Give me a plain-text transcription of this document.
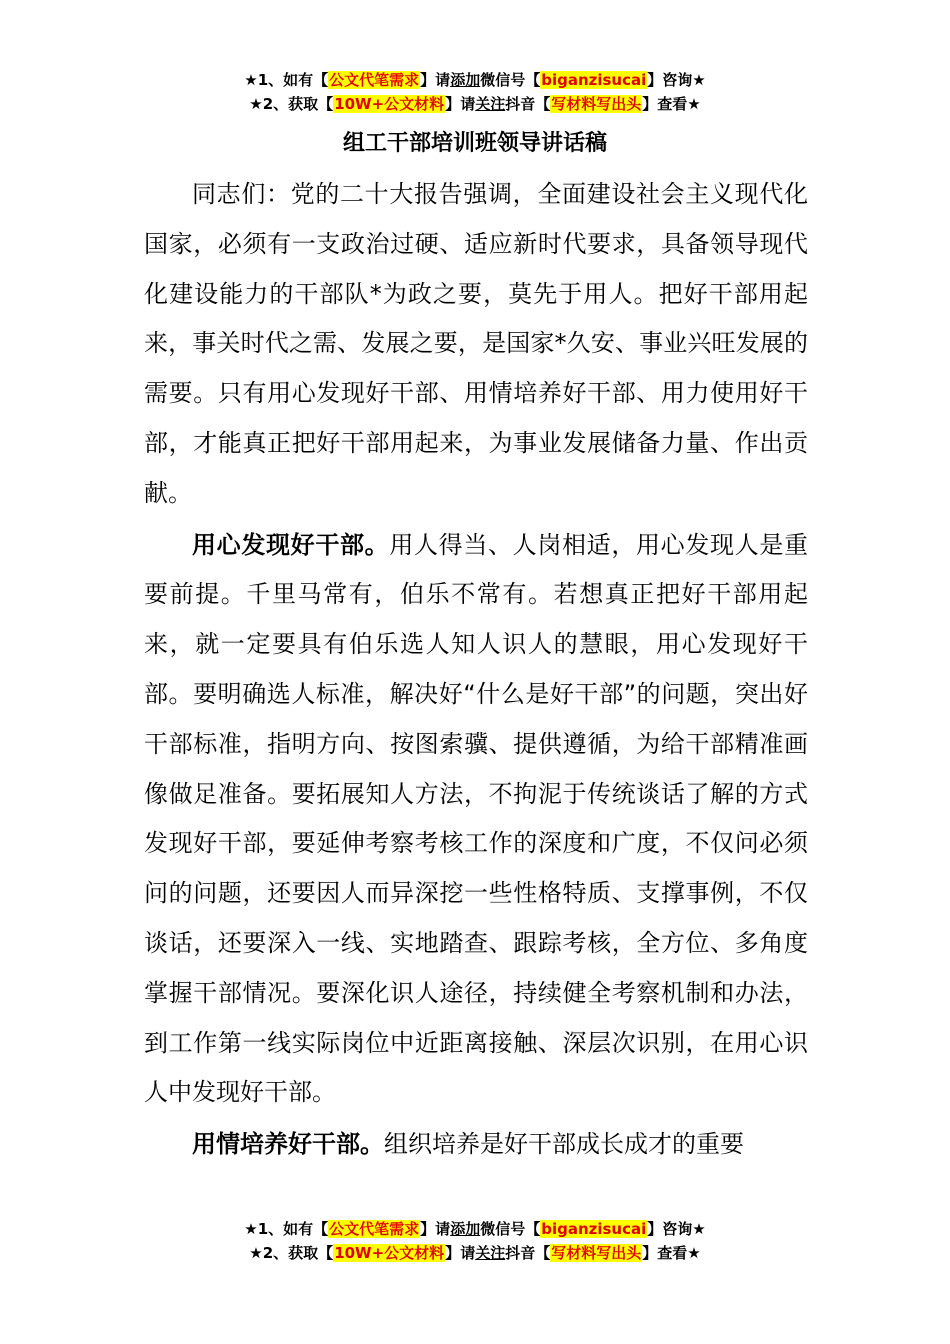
★1、如有【公文代笔需求】请添加微信号【biganzisucai】咨询★
★2、获取【10W+公文材料】请关注抖音【写材料写出头】查看★
组工干部培训班领导讲话稿

同志们：党的二十大报告强调，全面建设社会主义现代化国家，必须有一支政治过硬、适应新时代要求，具备领导现代化建设能力的干部队*为政之要，莫先于用人。把好干部用起来，事关时代之需、发展之要，是国家*久安、事业兴旺发展的需要。只有用心发现好干部、用情培养好干部、用力使用好干部，才能真正把好干部用起来，为事业发展储备力量、作出贡献。

用心发现好干部。用人得当、人岗相适，用心发现人是重要前提。千里马常有，伯乐不常有。若想真正把好干部用起来，就一定要具有伯乐选人知人识人的慧眼，用心发现好干部。要明确选人标准，解决好“什么是好干部”的问题，突出好干部标准，指明方向、按图索骥、提供遵循，为给干部精准画像做足准备。要拓展知人方法，不拘泥于传统谈话了解的方式发现好干部，要延伸考察考核工作的深度和广度，不仅问必须问的问题，还要因人而异深挖一些性格特质、支撑事例，不仅谈话，还要深入一线、实地踏查、跟踪考核，全方位、多角度掌握干部情况。要深化识人途径，持续健全考察机制和办法，到工作第一线实际岗位中近距离接触、深层次识别，在用心识人中发现好干部。

用情培养好干部。组织培养是好干部成长成才的重要

★1、如有【公文代笔需求】请添加微信号【biganzisucai】咨询★
★2、获取【10W+公文材料】请关注抖音【写材料写出头】查看★
